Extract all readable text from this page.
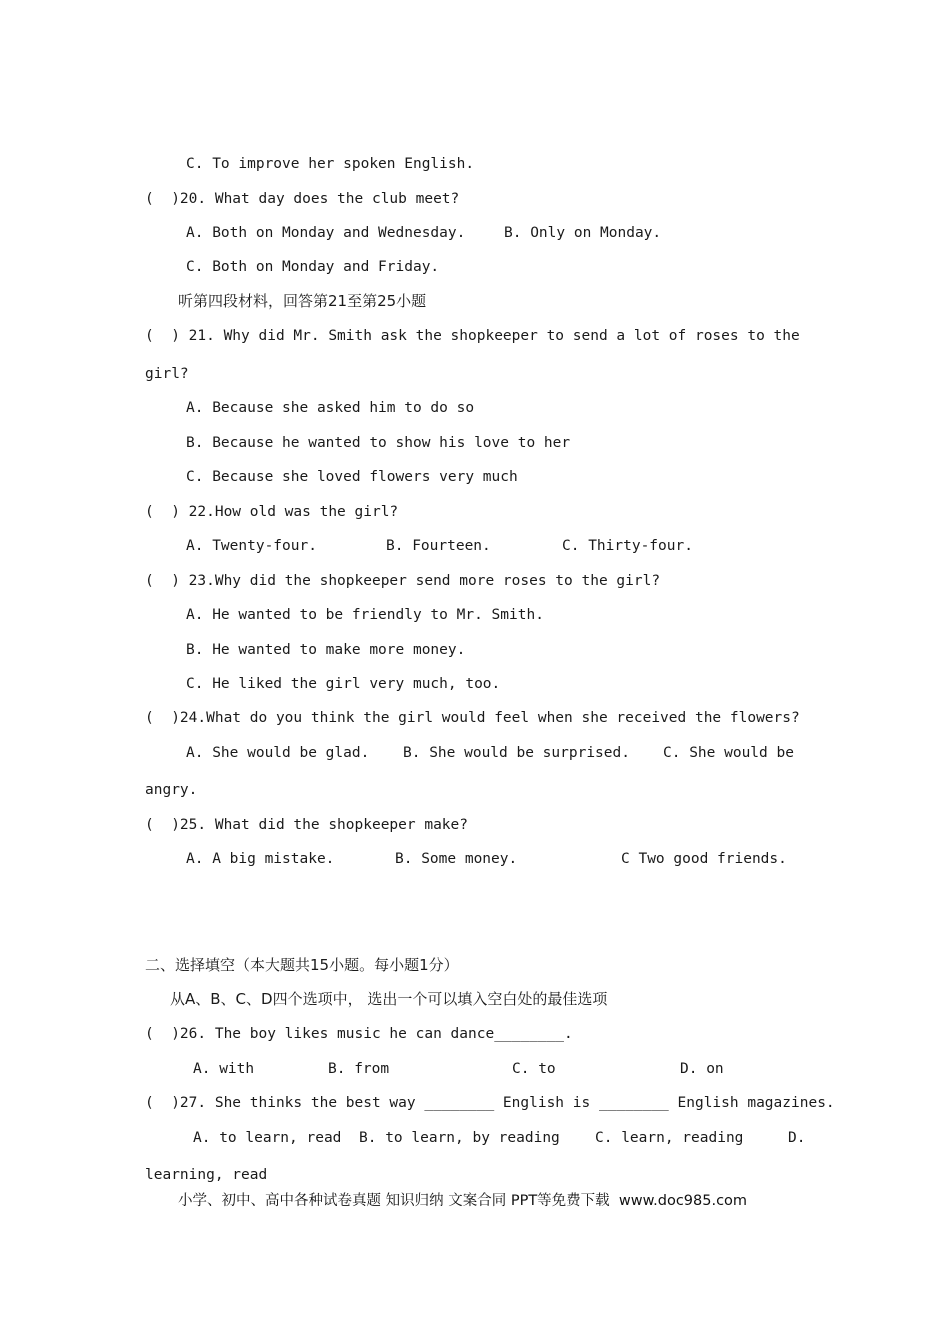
C. To improve her spoken English.
(  )20. What day does the club meet?
A. Both on Monday and Wednesday.	B. Only on Monday.
C. Both on Monday and Friday.
听第四段材料，回答第21至第25小题
(  ) 21. Why did Mr. Smith ask the shopkeeper to send a lot of roses to the
girl?
A. Because she asked him to do so
B. Because he wanted to show his love to her
C. Because she loved flowers very much
(  ) 22.How old was the girl?
A. Twenty-four.	B. Fourteen.	C. Thirty-four.
(  ) 23.Why did the shopkeeper send more roses to the girl?
A. He wanted to be friendly to Mr. Smith.
B. He wanted to make more money.
C. He liked the girl very much, too.
(  )24.What do you think the girl would feel when she received the flowers?
A. She would be glad. B. She would be surprised. C. She would be
angry.
(  )25. What did the shopkeeper make?
A. A big mistake.	B. Some money.	C Two good friends.
二、选择填空（本大题共15小题。每小题1分）
从A、B、C、D四个选项中， 选出一个可以填入空白处的最佳选项
(  )26. The boy likes music he can dance________.
A. with	B. from	C. to	D. on
(  )27. She thinks the best way ________ English is ________ English magazines.
A. to learn, read B. to learn, by reading C. learn, reading	D.
learning, read
小学、初中、高中各种试卷真题 知识归纳 文案合同 PPT等免费下载  www.doc985.com
